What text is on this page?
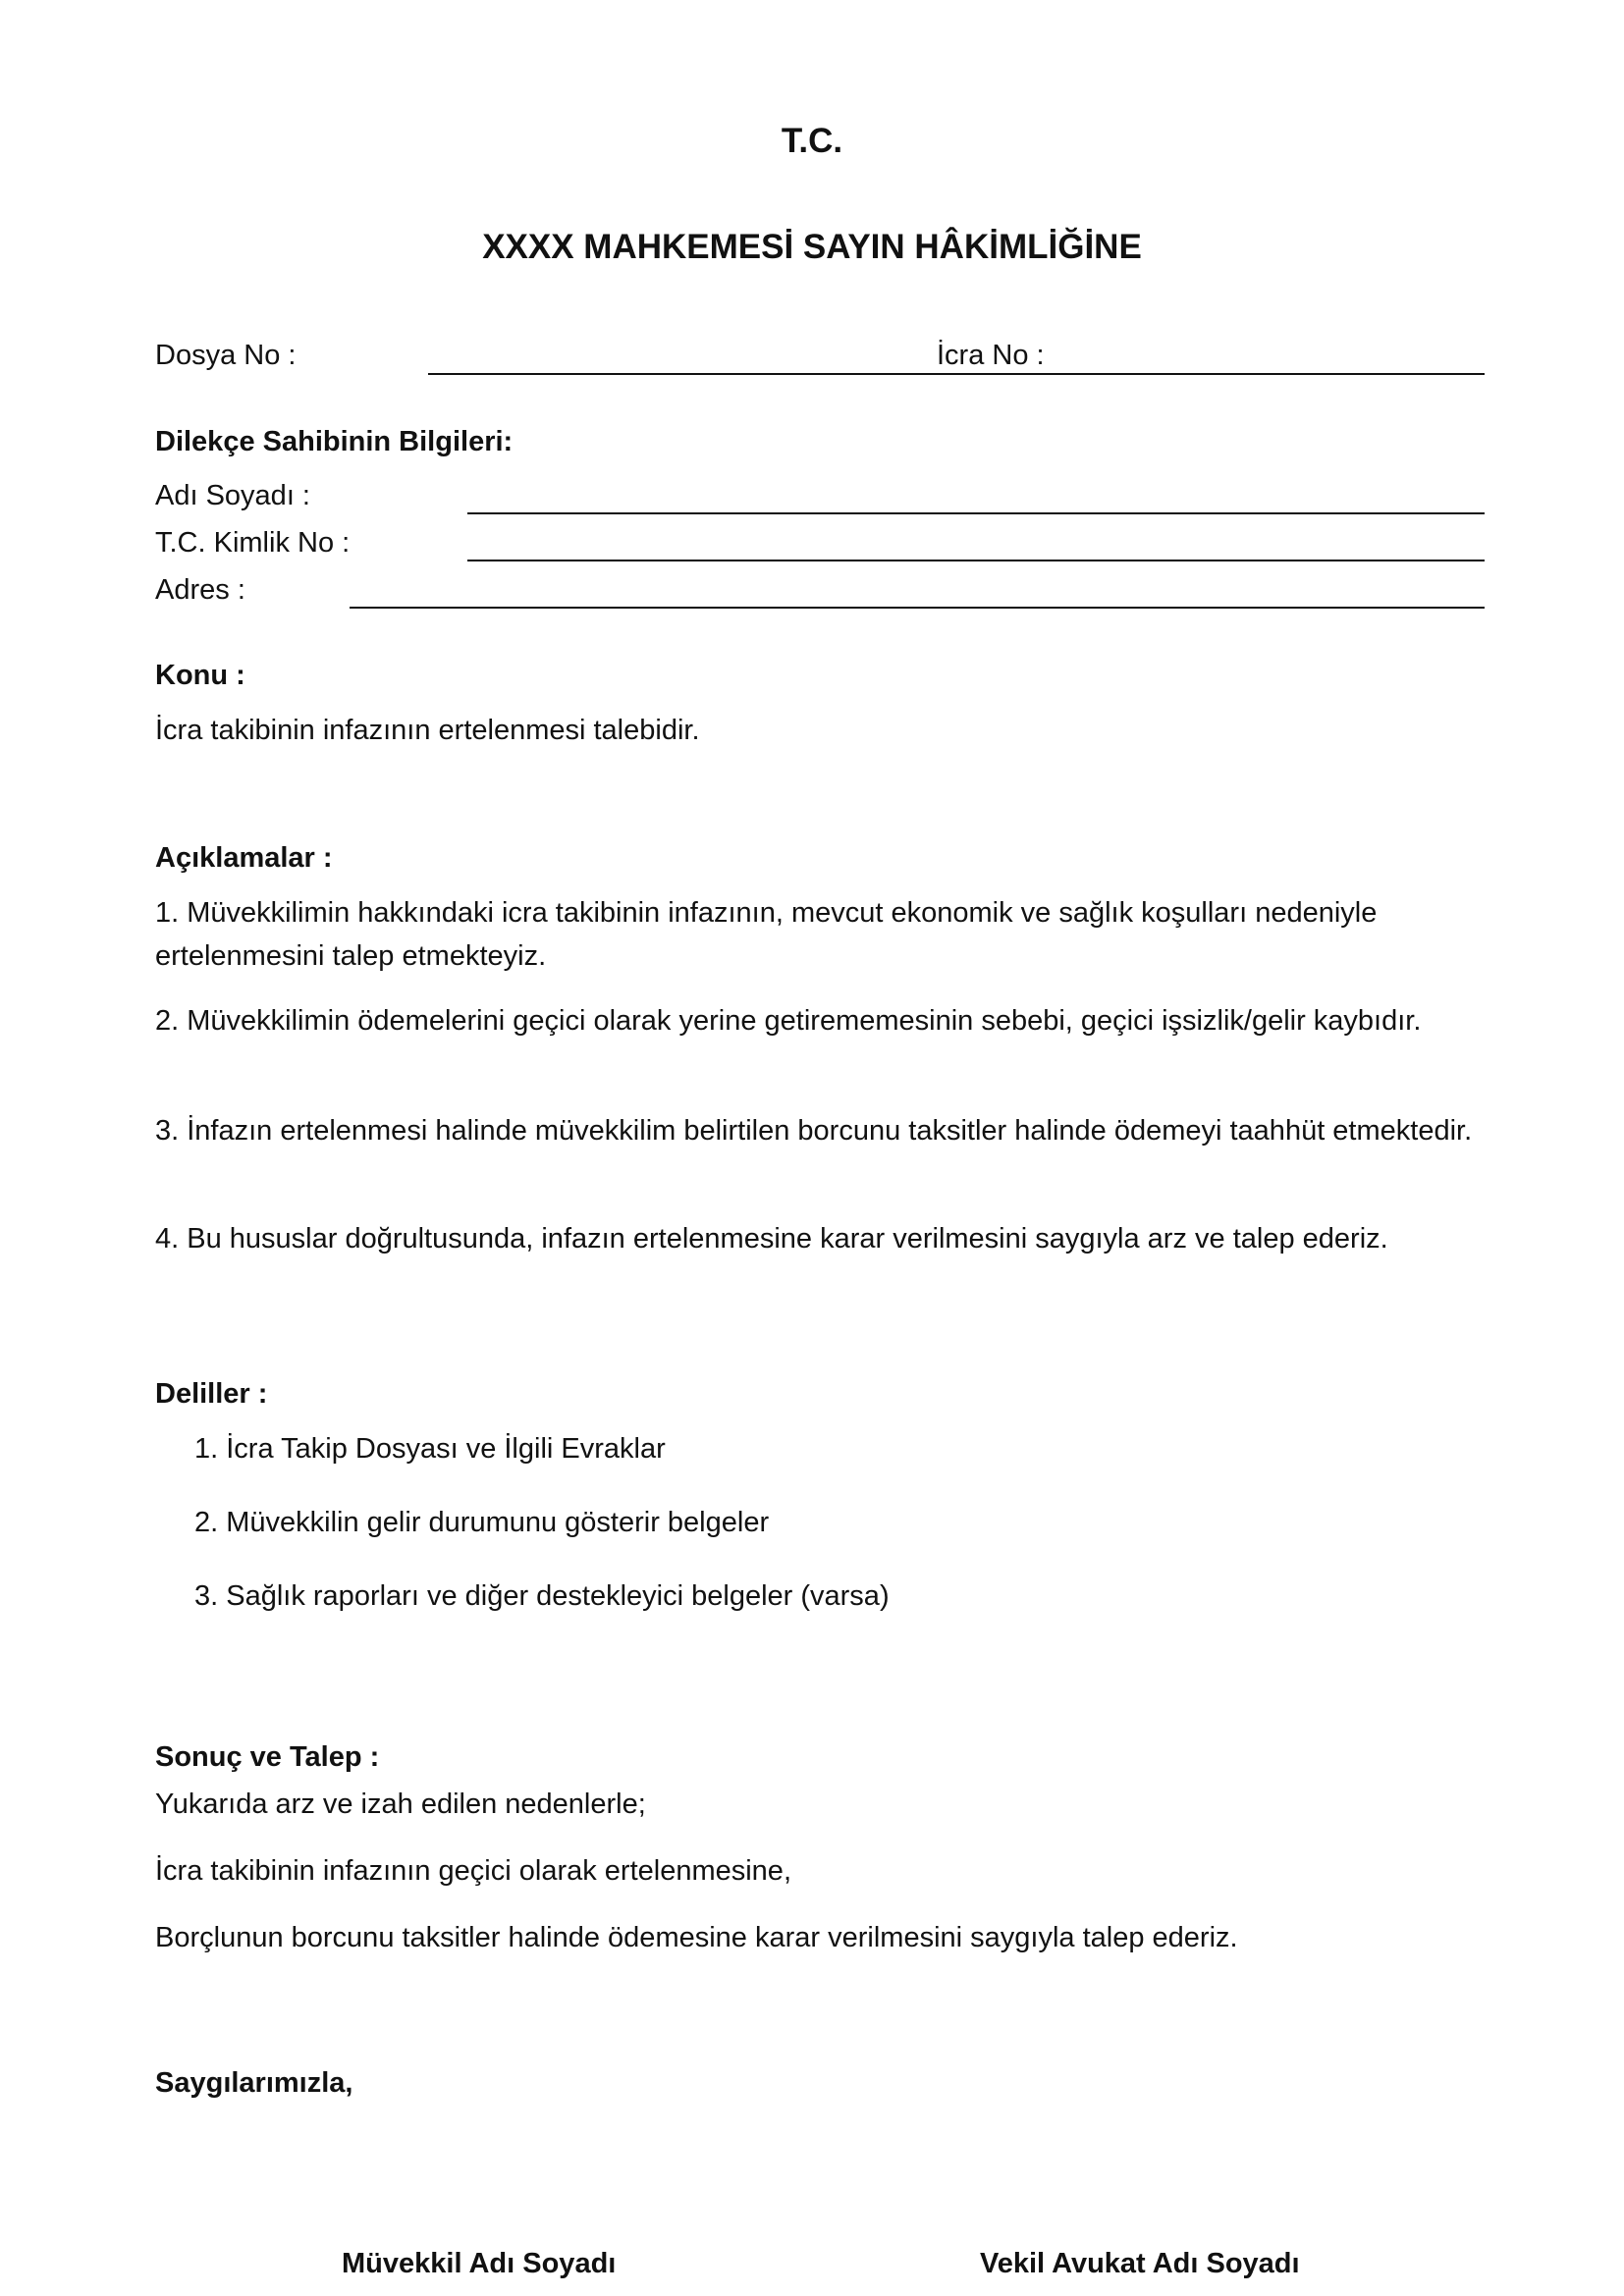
T.C.
XXXX MAHKEMESİ SAYIN HÂKİMLİĞİNE
Dosya No :	İcra No :
Dilekçe Sahibinin Bilgileri:
Adı Soyadı :
T.C. Kimlik No :
Adres :
Konu :
İcra takibinin infazının ertelenmesi talebidir.
Açıklamalar :
1. Müvekkilimin hakkındaki icra takibinin infazının, mevcut ekonomik ve sağlık koşulları nedeniyle ertelenmesini talep etmekteyiz.
2. Müvekkilimin ödemelerini geçici olarak yerine getirememesinin sebebi, geçici işsizlik/gelir kaybıdır.
3. İnfazın ertelenmesi halinde müvekkilim belirtilen borcunu taksitler halinde ödemeyi taahhüt etmektedir.
4. Bu hususlar doğrultusunda, infazın ertelenmesine karar verilmesini saygıyla arz ve talep ederiz.
Deliller :
1. İcra Takip Dosyası ve İlgili Evraklar
2. Müvekkilin gelir durumunu gösterir belgeler
3. Sağlık raporları ve diğer destekleyici belgeler (varsa)
Sonuç ve Talep :
Yukarıda arz ve izah edilen nedenlerle;
İcra takibinin infazının geçici olarak ertelenmesine,
Borçlunun borcunu taksitler halinde ödemesine karar verilmesini saygıyla talep ederiz.
Saygılarımızla,
Müvekkil Adı Soyadı	Vekil Avukat Adı Soyadı
